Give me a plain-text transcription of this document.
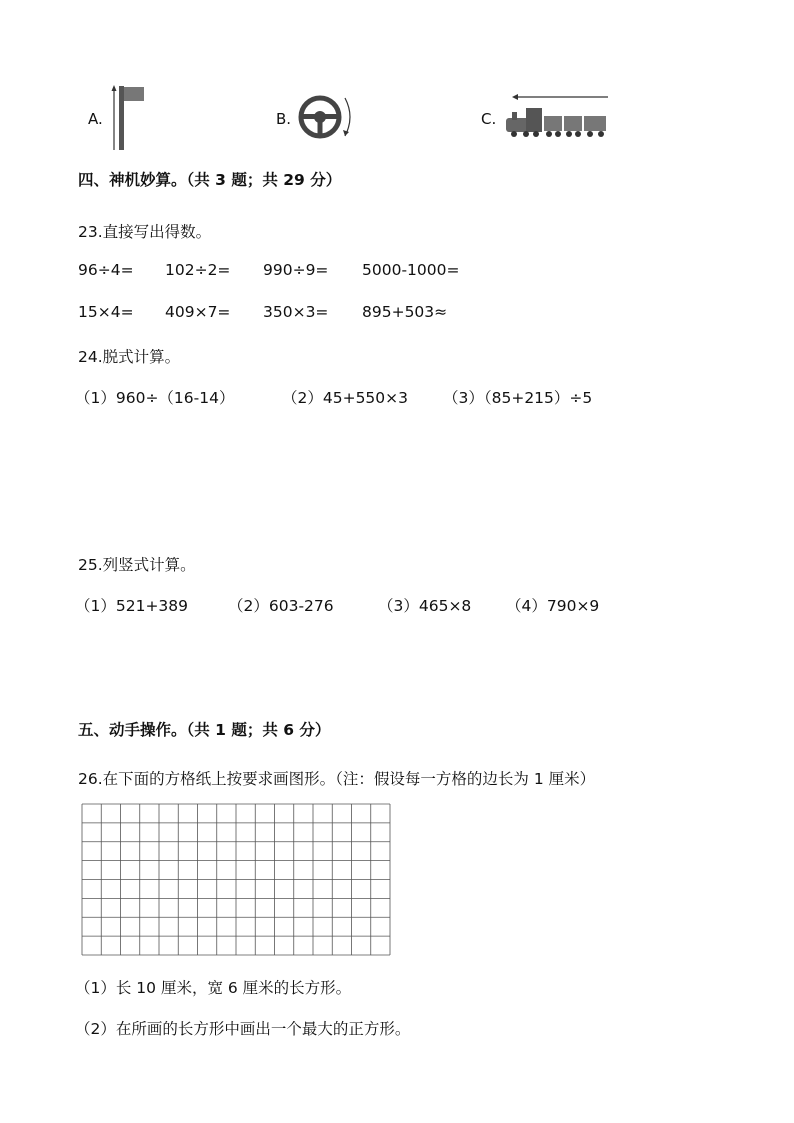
A.	B.	C.
四、神机妙算。（共 3 题；共 29 分）
23.直接写出得数。
96÷4= 102÷2= 990÷9= 5000-1000=
15×4= 409×7= 350×3= 895+503≈
24.脱式计算。
（1）960÷（16-14）	（2）45+550×3 （3）（85+215）÷5
25.列竖式计算。
（1）521+389	（2）603-276	（3）465×8 （4）790×9
五、动手操作。（共 1 题；共 6 分）
26.在下面的方格纸上按要求画图形。（注：假设每一方格的边长为 1 厘米）
（1）长 10 厘米，宽 6 厘米的长方形。
（2）在所画的长方形中画出一个最大的正方形。
